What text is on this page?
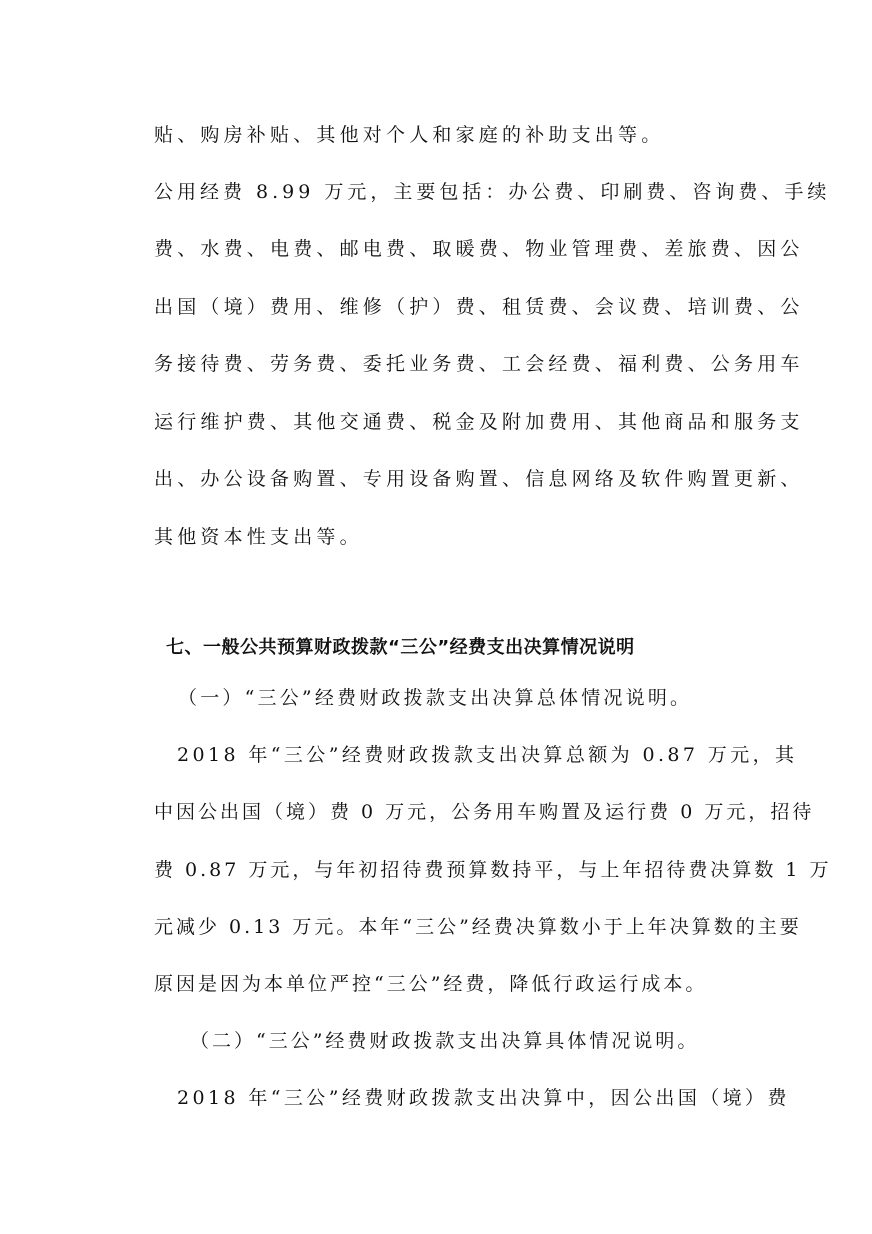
贴、购房补贴、其他对个人和家庭的补助支出等。
公用经费 8.99 万元，主要包括：办公费、印刷费、咨询费、手续
费、水费、电费、邮电费、取暖费、物业管理费、差旅费、因公
出国（境）费用、维修（护）费、租赁费、会议费、培训费、公
务接待费、劳务费、委托业务费、工会经费、福利费、公务用车
运行维护费、其他交通费、税金及附加费用、其他商品和服务支
出、办公设备购置、专用设备购置、信息网络及软件购置更新、
其他资本性支出等。
七、一般公共预算财政拨款“三公”经费支出决算情况说明
（一）“三公”经费财政拨款支出决算总体情况说明。
2018 年“三公”经费财政拨款支出决算总额为 0.87 万元，其
中因公出国（境）费 0 万元，公务用车购置及运行费 0 万元，招待
费 0.87 万元，与年初招待费预算数持平，与上年招待费决算数 1 万
元减少 0.13 万元。本年“三公”经费决算数小于上年决算数的主要
原因是因为本单位严控“三公”经费，降低行政运行成本。
（二）“三公”经费财政拨款支出决算具体情况说明。
2018 年“三公”经费财政拨款支出决算中，因公出国（境）费
